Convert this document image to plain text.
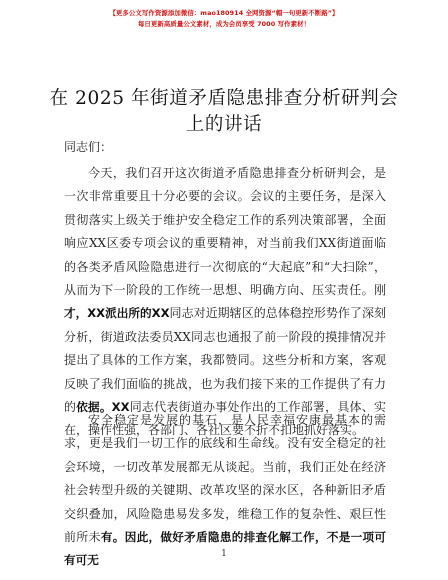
【更多公文写作资源添加微信：mao180914 全网资源“帽一句更新不断路”】
每日更新高质量公文素材，成为会员享受 7000 写作素材！
在 2025 年街道矛盾隐患排查分析研判会上的讲话
同志们：

今天，我们召开这次街道矛盾隐患排查分析研判会，是一次非常重要且十分必要的会议。会议的主要任务，是深入贯彻落实上级关于维护安全稳定工作的系列决策部署，全面响应XX区委专项会议的重要精神，对当前我们XX街道面临的各类矛盾风险隐患进行一次彻底的“大起底”和“大扫除”，从而为下一阶段的工作统一思想、明确方向、压实责任。刚才，XX派出所的XX同志对近期辖区的总体稳控形势作了深刻分析，街道政法委员XX同志也通报了前一阶段的摸排情况并提出了具体的工作方案，我都赞同。这些分析和方案，客观反映了我们面临的挑战，也为我们接下来的工作提供了有力的依据。XX同志代表街道办事处作出的工作部署，具体、实在，操作性强，各部门、各社区要不折不扣地抓好落实。

安全稳定是发展的基石，是人民幸福安康最基本的需求，更是我们一切工作的底线和生命线。没有安全稳定的社会环境，一切改革发展都无从谈起。当前，我们正处在经济社会转型升级的关键期、改革攻坚的深水区，各种新旧矛盾交织叠加，风险隐患易发多发，维稳工作的复杂性、艰巨性前所未有。因此，做好矛盾隐患的排查化解工作，不是一项可有可无	1
